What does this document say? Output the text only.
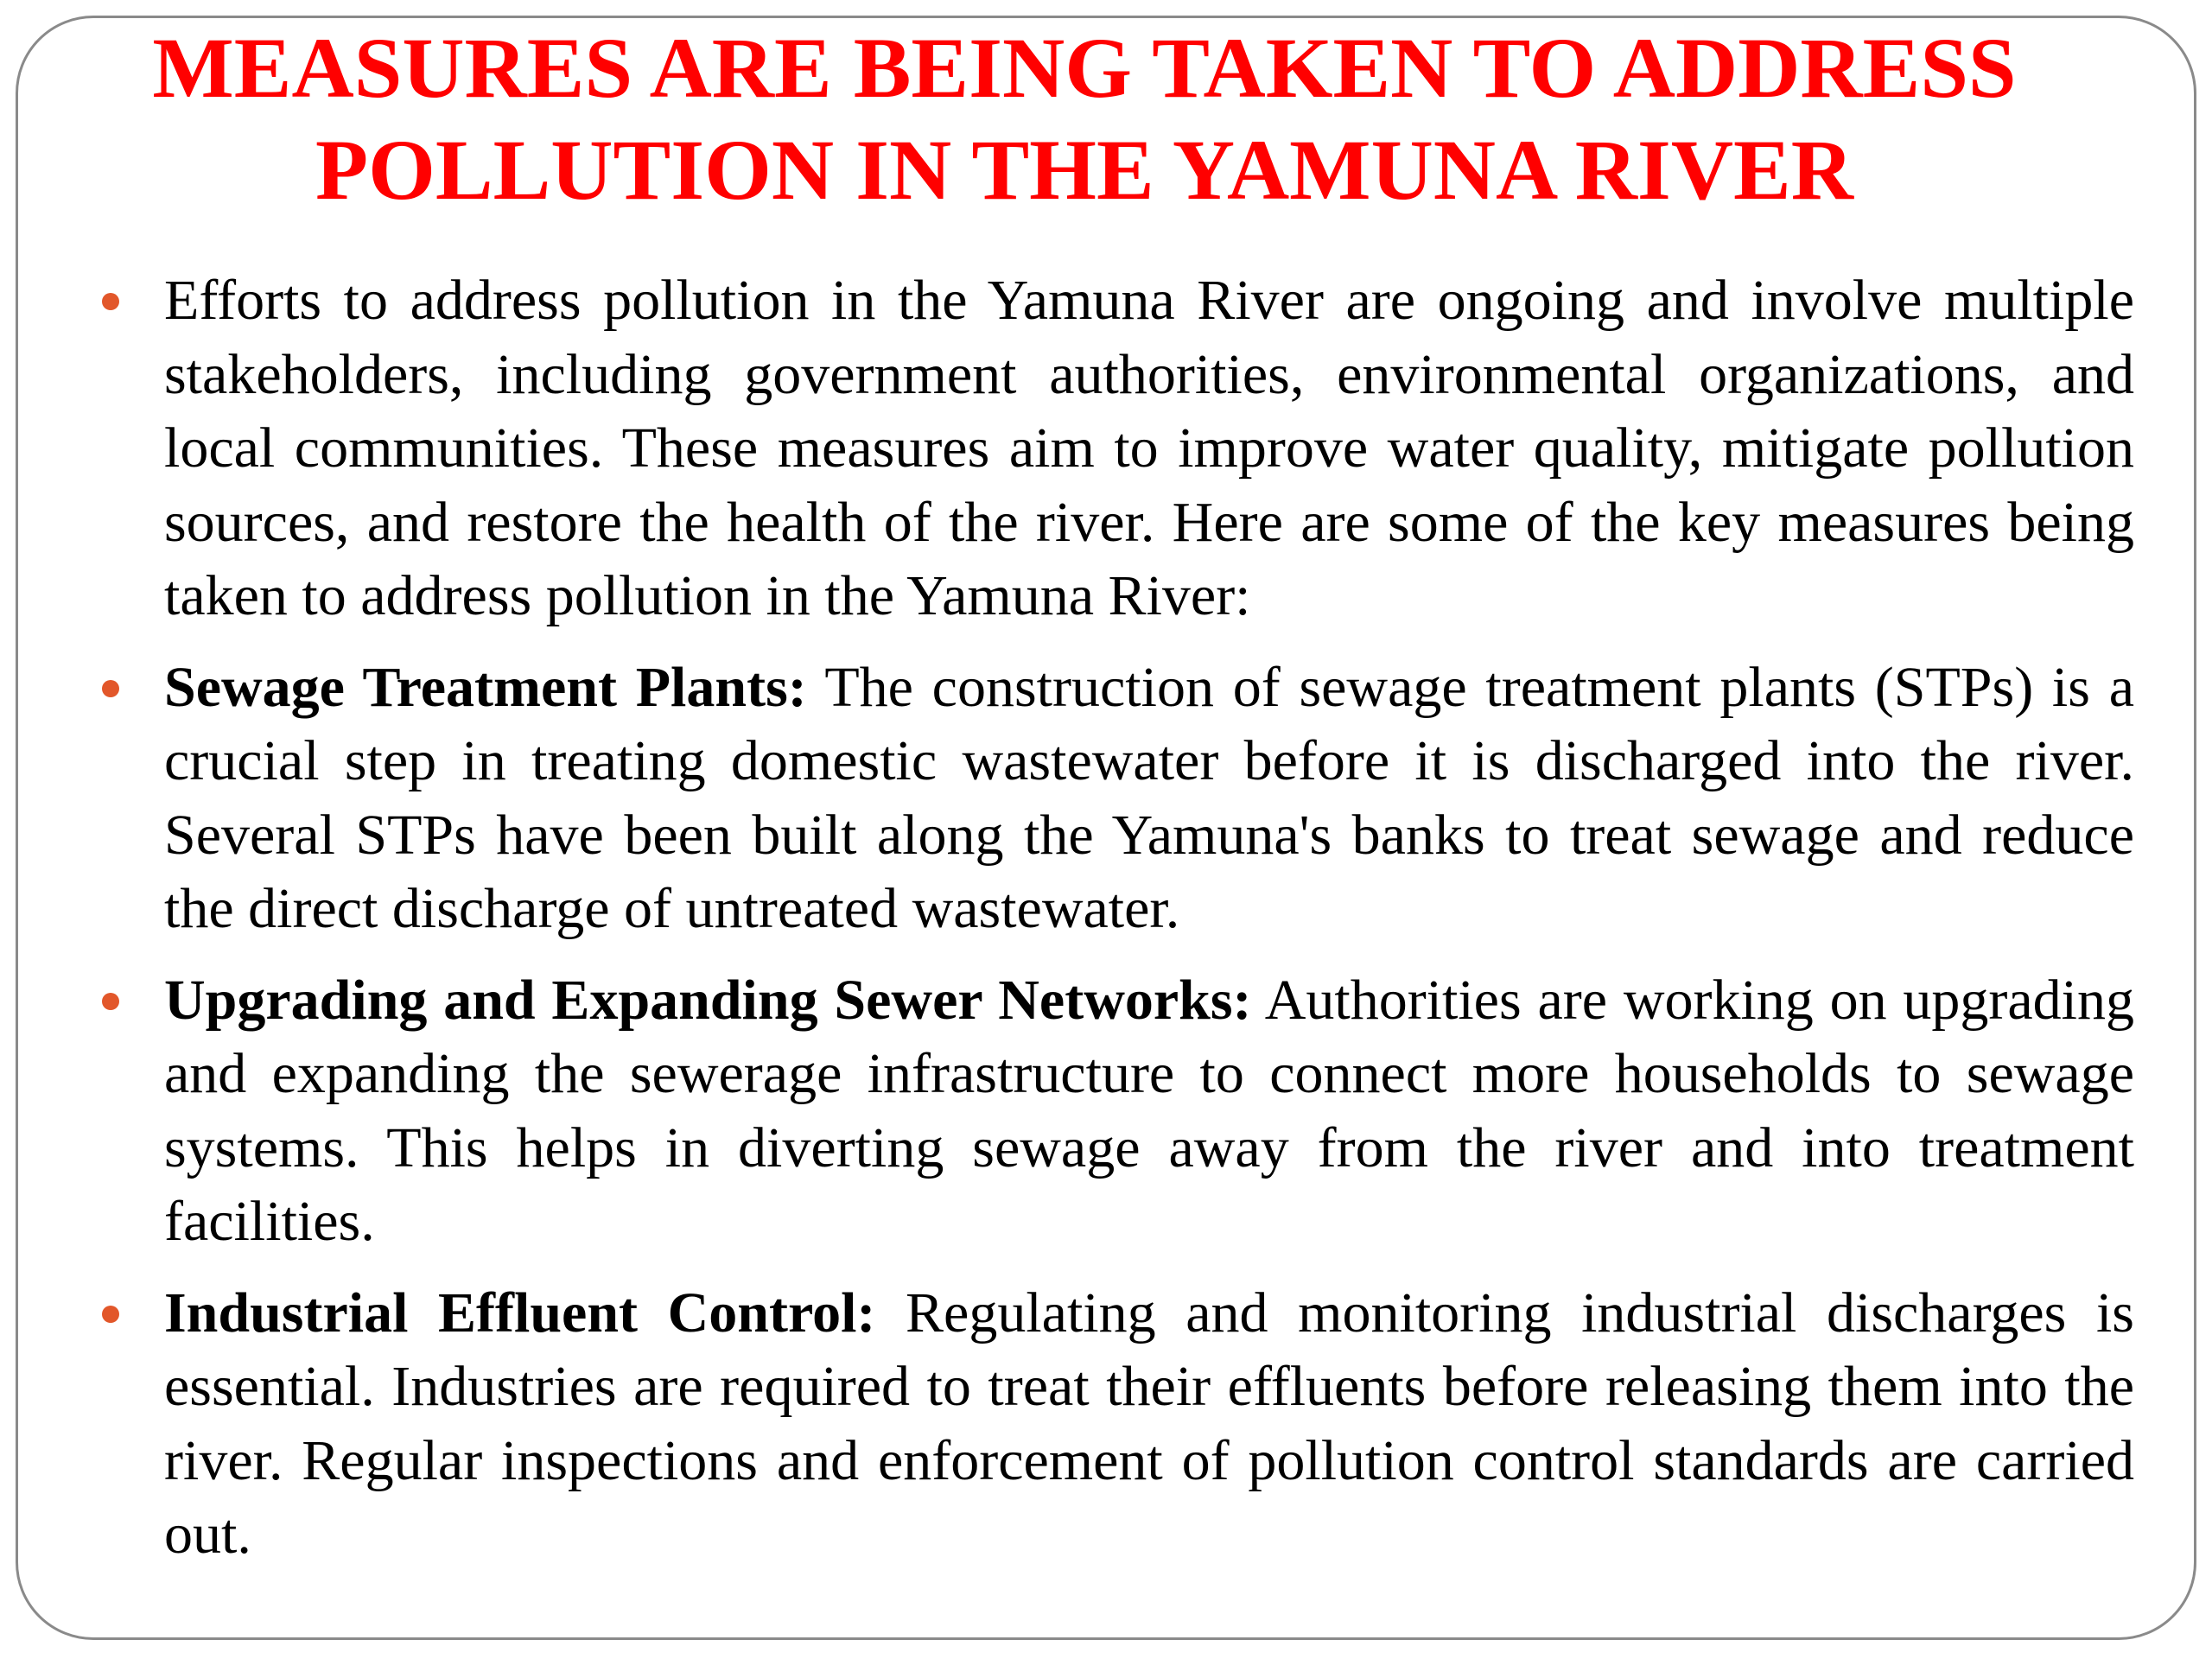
MEASURES ARE BEING TAKEN TO ADDRESS
POLLUTION IN THE YAMUNA RIVER
Efforts to address pollution in the Yamuna River are ongoing and involve multiple stakeholders, including government authorities, environmental organizations, and local communities. These measures aim to improve water quality, mitigate pollution sources, and restore the health of the river. Here are some of the key measures being taken to address pollution in the Yamuna River:
Sewage Treatment Plants: The construction of sewage treatment plants (STPs) is a crucial step in treating domestic wastewater before it is discharged into the river. Several STPs have been built along the Yamuna's banks to treat sewage and reduce the direct discharge of untreated wastewater.
Upgrading and Expanding Sewer Networks: Authorities are working on upgrading and expanding the sewerage infrastructure to connect more households to sewage systems. This helps in diverting sewage away from the river and into treatment facilities.
Industrial Effluent Control: Regulating and monitoring industrial discharges is essential. Industries are required to treat their effluents before releasing them into the river. Regular inspections and enforcement of pollution control standards are carried out.
